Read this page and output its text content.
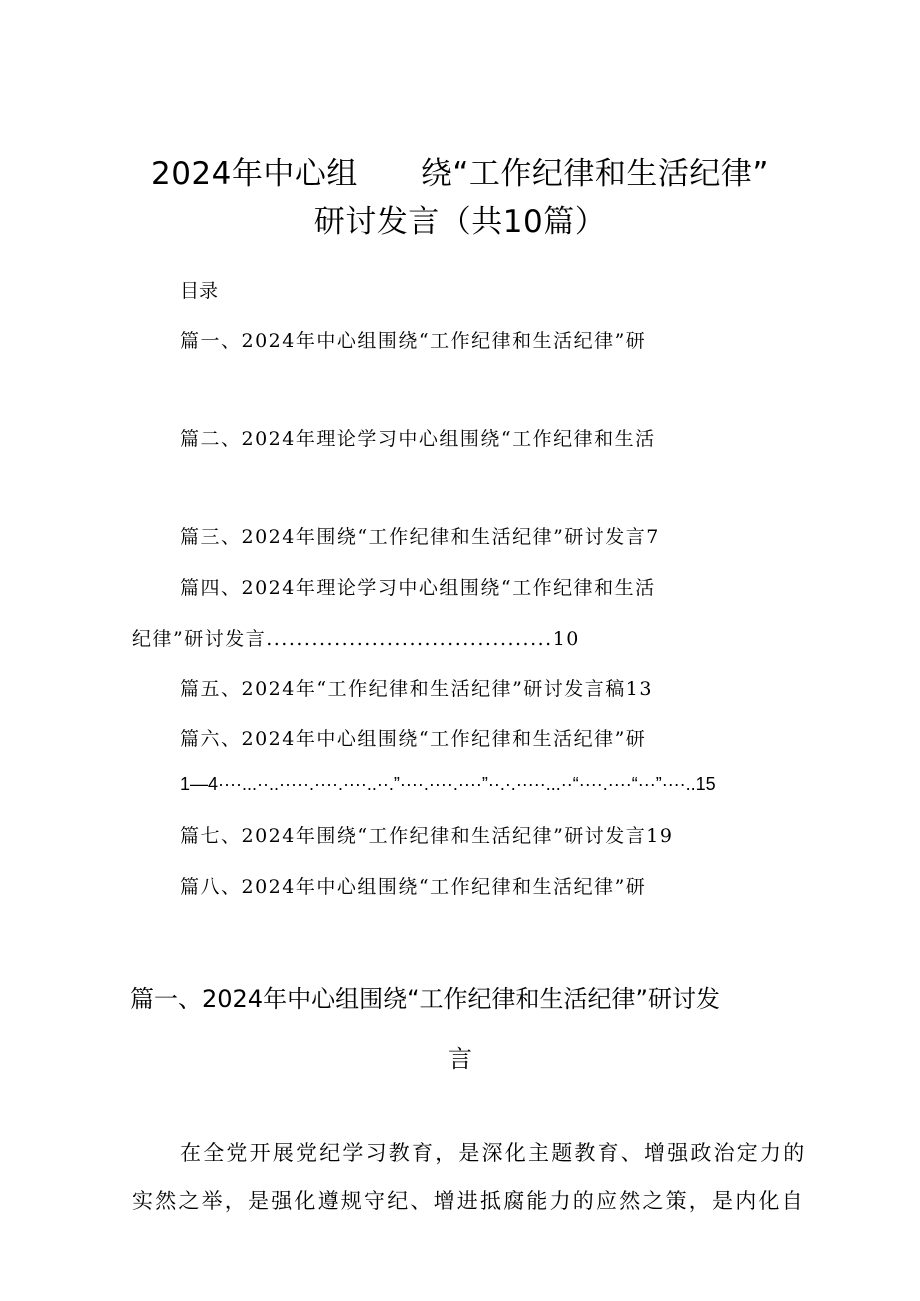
2024年中心组　　绕“工作纪律和生活纪律”
研讨发言（共10篇）
目录
篇一、2024年中心组围绕“工作纪律和生活纪律”研
篇二、2024年理论学习中心组围绕“工作纪律和生活
篇三、2024年围绕“工作纪律和生活纪律”研讨发言7
篇四、2024年理论学习中心组围绕“工作纪律和生活
纪律”研讨发言......................................10
篇五、2024年“工作纪律和生活纪律”研讨发言稿13
篇六、2024年中心组围绕“工作纪律和生活纪律”研
1—4····...··..·····.····.····..··.”····.····.····”··.·.·····...··“····.····“···”····..15
篇七、2024年围绕“工作纪律和生活纪律”研讨发言19
篇八、2024年中心组围绕“工作纪律和生活纪律”研
篇一、2024年中心组围绕“工作纪律和生活纪律”研讨发
言
在全党开展党纪学习教育，是深化主题教育、增强政治定力的
实然之举，是强化遵规守纪、增进抵腐能力的应然之策，是内化自
